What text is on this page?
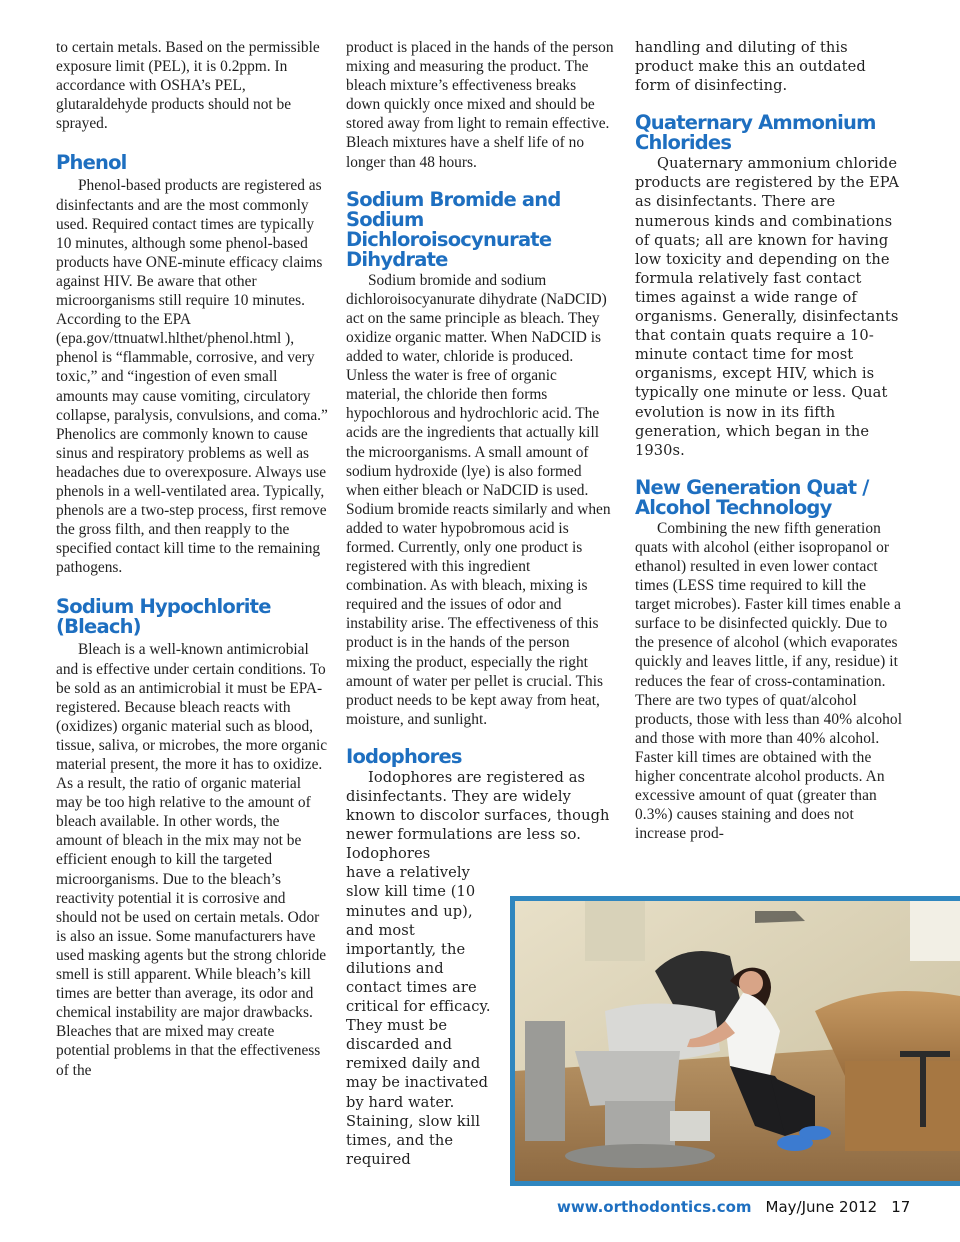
to certain metals. Based on the permissible exposure limit (PEL), it is 0.2ppm. In accordance with OSHA’s PEL, glutaraldehyde products should not be sprayed.

Phenol

Phenol-based products are registered as disinfectants and are the most commonly used. Required contact times are typically 10 minutes, although some phenol-based products have ONE-minute efficacy claims against HIV. Be aware that other microorganisms still require 10 minutes. According to the EPA (epa.gov/ttnuatwl.hlthet/phenol.html ), phenol is “flammable, corrosive, and very toxic,” and “ingestion of even small amounts may cause vomiting, circulatory collapse, paralysis, convulsions, and coma.” Phenolics are commonly known to cause sinus and respiratory problems as well as headaches due to overexposure. Always use phenols in a well-ventilated area. Typically, phenols are a two-step process, first remove the gross filth, and then reapply to the specified contact kill time to the remaining pathogens.

Sodium Hypochlorite (Bleach)

Bleach is a well-known antimicrobial and is effective under certain conditions. To be sold as an antimicrobial it must be EPA-registered. Because bleach reacts with (oxidizes) organic material such as blood, tissue, saliva, or microbes, the more organic material present, the more it has to oxidize. As a result, the ratio of organic material may be too high relative to the amount of bleach available. In other words, the amount of bleach in the mix may not be efficient enough to kill the targeted microorganisms. Due to the bleach’s reactivity potential it is corrosive and should not be used on certain metals. Odor is also an issue. Some manufacturers have used masking agents but the strong chloride smell is still apparent. While bleach’s kill times are better than average, its odor and chemical instability are major drawbacks. Bleaches that are mixed may create potential problems in that the effectiveness of the

product is placed in the hands of the person mixing and measuring the product. The bleach mixture’s effectiveness breaks down quickly once mixed and should be stored away from light to remain effective. Bleach mixtures have a shelf life of no longer than 48 hours.

Sodium Bromide and Sodium Dichloroisocynurate Dihydrate

Sodium bromide and sodium dichloroisocyanurate dihydrate (NaDCID) act on the same principle as bleach. They oxidize organic matter. When NaDCID is added to water, chloride is produced. Unless the water is free of organic material, the chloride then forms hypochlorous and hydrochloric acid. The acids are the ingredients that actually kill the microorganisms. A small amount of sodium hydroxide (lye) is also formed when either bleach or NaDCID is used. Sodium bromide reacts similarly and when added to water hypobromous acid is formed. Currently, only one product is registered with this ingredient combination. As with bleach, mixing is required and the issues of odor and instability arise. The effectiveness of this product is in the hands of the person mixing the product, especially the right amount of water per pellet is crucial. This product needs to be kept away from heat, moisture, and sunlight.

Iodophores

Iodophores are registered as disinfectants. They are widely known to discolor surfaces, though newer formulations are less so. Iodophores

have a relatively slow kill time (10 minutes and up), and most importantly, the dilutions and contact times are critical for efficacy. They must be discarded and remixed daily and may be inactivated by hard water. Staining, slow kill times, and the required

handling and diluting of this product make this an outdated form of disinfecting.

Quaternary Ammonium Chlorides

Quaternary ammonium chloride products are registered by the EPA as disinfectants. There are numerous kinds and combinations of quats; all are known for having low toxicity and depending on the formula relatively fast contact times against a wide range of organisms. Generally, disinfectants that contain quats require a 10-minute contact time for most organisms, except HIV, which is typically one minute or less. Quat evolution is now in its fifth generation, which began in the 1930s.

New Generation Quat / Alcohol Technology

Combining the new fifth generation quats with alcohol (either isopropanol or ethanol) resulted in even lower contact times (LESS time required to kill the target microbes). Faster kill times enable a surface to be disinfected quickly. Due to the presence of alcohol (which evaporates quickly and leaves little, if any, residue) it reduces the fear of cross-contamination. There are two types of quat/alcohol products, those with less than 40% alcohol and those with more than 40% alcohol. Faster kill times are obtained with the higher concentrate alcohol products. An excessive amount of quat (greater than 0.3%) causes staining and does not increase prod-

www.orthodontics.com May/June 2012 17
